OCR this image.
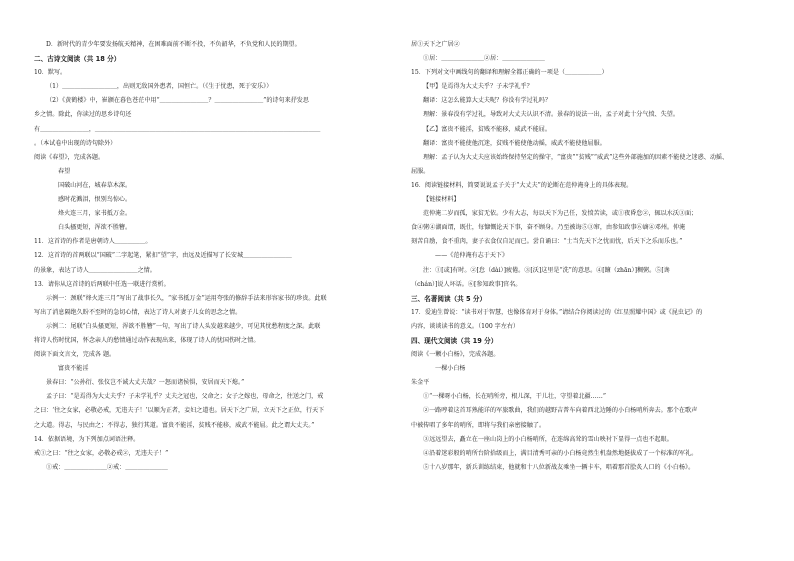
D．新时代的青少年要发扬航天精神，在困难面前不断不投，不负韶华，不负党和人民的期望。
二、古诗文阅读（共 18 分）
10．默写。
（1）＿＿＿＿＿＿＿＿＿，出则无敌国外患者，国恒亡。（《生于忧患，死于安乐》）
（2）《黄鹤楼》中，崔颢在暮色苍茫中用“＿＿＿＿＿＿＿＿？＿＿＿＿＿＿＿＿”的诗句来抒发思
乡之情。除此，你读过的思乡诗句还
有＿＿＿＿＿＿＿＿，＿＿＿＿＿＿＿＿＿＿＿＿＿＿＿＿＿＿＿＿＿＿＿＿＿＿＿＿＿＿＿＿＿＿＿＿＿
。（本试卷中出现的诗句除外）
阅读《春望》，完成各题。
春望
国破山河在，城春草木深。
感时花溅泪，恨别鸟惊心。
烽火连三月，家书抵万金。
白头搔更短，浑欲不胜簪。
11．这首诗的作者是唐朝诗人＿＿＿＿＿。
12．这首诗的首两联以“国破”二字起笔，紧扣“望”字，由远及近描写了长安城＿＿＿＿＿＿＿＿
的景象，表达了诗人＿＿＿＿＿＿＿＿之情。
13．请你从这首诗的后两联中任选一联进行赏析。
示例一：颈联“烽火连三月”写出了战事长久，“家书抵万金”运用夸张的修辞手法来形容家书的珍贵。此联
写出了消息隔绝久盼不至时的急切心情，表达了诗人对妻子儿女的思念之情。
示例二：尾联“白头搔更短，浑欲不胜簪”一句，写出了诗人头发越来越少，可见其忧愁程度之深。此联
将诗人伤时忧国，怀念亲人的愁情通过动作表现出来，体现了诗人的忧国伤时之情。
阅读下面文言文，完成各 题。
富贵不能淫
景春曰：“公孙衍、张仪岂不诚大丈夫哉？一怒而诸侯惧，安居而天下熄。”
孟子曰：“是焉得为大丈夫乎？子未学礼乎？丈夫之冠也，父命之；女子之嫁也，母命之，往送之门，戒
之曰：‘往之女家，必敬必戒，无违夫子！’以顺为正者，妾妇之道也。居天下之广居，立天下之正位，行天下
之大道。得志，与民由之；不得志，独行其道。富贵不能淫，贫贱不能移，威武不能屈。此之谓大丈夫。”
14．依据语境，为下列加点词语注释。
戒①之曰：“往之女家，必敬必戒②，无违夫子！”
①戒：＿＿＿＿＿＿＿②戒：＿＿＿＿＿＿＿
居①天下之广居②
①居：＿＿＿＿＿＿＿②居：＿＿＿＿＿＿＿
15．下列对文中画线句的翻译和理解全都正确的一项是（＿＿＿＿＿＿）
【甲】是焉得为大丈夫乎？子未学礼乎？
翻译：这怎么能算大丈夫呢？你没有学过礼吗？
理解：景春没有学过礼，导致对大丈夫认识不清。景春的说法一出，孟子对此十分气愤、失望。
【乙】富贵不能淫，贫贱不能移，威武不能屈。
翻译：富贵不能使他沉迷，贫贱不能使他动摇，威武不能使他屈服。
理解：孟子认为大丈夫应该始终保持坚定的操守，“富贵”“贫贱”“威武”这些外部施加的因素不能使之迷惑、动摇、
屈服。
16．阅读链接材料，简要说说孟子关于“大丈夫”的论断在范仲淹身上的具体表现。
【链接材料】
范仲淹二岁而孤，家贫无依。少有大志，每以天下为己任，发愤苦读，或①夜昏怠②，辄以水沃③面；
食④粥④湖面谓，既仕，每慷慨论天下事，奋不顾身。乃至被诲⑤③窜，由参知政事⑥谪④邓州。仲淹
刻苦自励，食不重肉，妻子衣食仅自足而已。尝自诵曰：“士当先天下之忧而忧，后天下之乐而乐也。”
——《范仲淹有志于天下》
注：①[或]有时。②[怠（dài）]疲倦。③[沃]这里是“洗”的意思。④[饘（zhān）]稠粥。⑤[谗
（chán）]说人坏话。⑥[参知政事]官名。
三、名著阅读（共 5 分）
17．爱迪生曾说：“读书对于智慧，也像体育对于身体。”请结合你阅读过的《红星照耀中国》或《昆虫记》的
内容，谈谈读书的意义。（100 字左右）
四、现代文阅读（共 19 分）
阅读《一颗小白杨》，完成各题。
一棵小白杨
朱金平
①“一棵呀小白杨，长在哨所旁，根儿深，干儿壮，守望着北疆……”
②一路哼着这首耳熟能详的军旅歌曲，我们的越野吉普车向着西北边陲的小白杨哨所奔去。那个在歌声
中被传唱了多年的哨所，即将与我们亲密接触了。
③远远望去，矗立在一座山岗上的小白杨哨所，在连绵高耸的雪山映衬下显得一点也不起眼。
④沿着迷彩般的哨所台阶拾级而上，满目清秀可亲的小白杨竟然生机盎然地挺拔成了一个标准的军礼。
⑤十八岁那年，新兵训练结束，他就和十八位新战友乘坐一辆卡车，唱着那首脍炙人口的《小白杨》。
